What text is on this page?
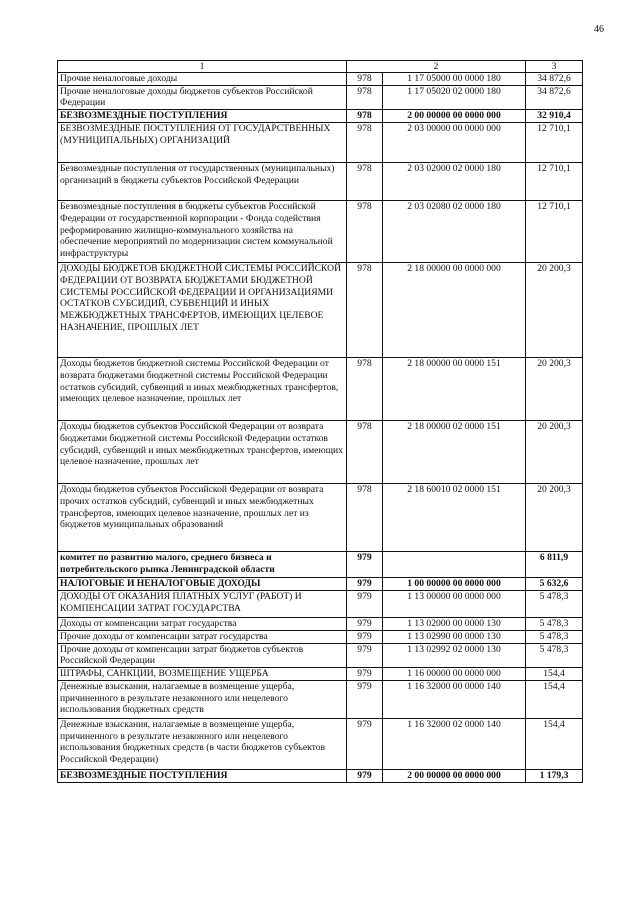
46
1	2		3
Прочие неналоговые доходы	978	1 17 05000 00 0000 180	34 872,6
Прочие неналоговые доходы бюджетов субъектов Российской Федерации	978	1 17 05020 02 0000 180	34 872,6
БЕЗВОЗМЕЗДНЫЕ ПОСТУПЛЕНИЯ	978	2 00 00000 00 0000 000	32 910,4
БЕЗВОЗМЕЗДНЫЕ ПОСТУПЛЕНИЯ ОТ ГОСУДАРСТВЕННЫХ (МУНИЦИПАЛЬНЫХ) ОРГАНИЗАЦИЙ	978	2 03 00000 00 0000 000	12 710,1
Безвозмездные поступления от государственных (муниципальных) организаций в бюджеты субъектов Российской Федерации	978	2 03 02000 02 0000 180	12 710,1
Безвозмездные поступления в бюджеты субъектов Российской Федерации от государственной корпорации - Фонда содействия реформированию жилищно-коммунального хозяйства на обеспечение мероприятий по модернизации систем коммунальной инфраструктуры	978	2 03 02080 02 0000 180	12 710,1
ДОХОДЫ БЮДЖЕТОВ БЮДЖЕТНОЙ СИСТЕМЫ РОССИЙСКОЙ ФЕДЕРАЦИИ ОТ ВОЗВРАТА БЮДЖЕТАМИ БЮДЖЕТНОЙ СИСТЕМЫ РОССИЙСКОЙ ФЕДЕРАЦИИ И ОРГАНИЗАЦИЯМИ ОСТАТКОВ СУБСИДИЙ, СУБВЕНЦИЙ И ИНЫХ МЕЖБЮДЖЕТНЫХ ТРАНСФЕРТОВ, ИМЕЮЩИХ ЦЕЛЕВОЕ НАЗНАЧЕНИЕ, ПРОШЛЫХ ЛЕТ	978	2 18 00000 00 0000 000	20 200,3
Доходы бюджетов бюджетной системы Российской Федерации от возврата бюджетами бюджетной системы Российской Федерации остатков субсидий, субвенций и иных межбюджетных трансфертов, имеющих целевое назначение, прошлых лет	978	2 18 00000 00 0000 151	20 200,3
Доходы бюджетов субъектов Российской Федерации от возврата бюджетами бюджетной системы Российской Федерации остатков субсидий, субвенций и иных межбюджетных трансфертов, имеющих целевое назначение, прошлых лет	978	2 18 00000 02 0000 151	20 200,3
Доходы бюджетов субъектов Российской Федерации от возврата прочих остатков субсидий, субвенций и иных межбюджетных трансфертов, имеющих целевое назначение, прошлых лет из бюджетов муниципальных образований	978	2 18 60010 02 0000 151	20 200,3
комитет по развитию малого, среднего бизнеса и потребительского рынка Ленинградской области	979		6 811,9
НАЛОГОВЫЕ И НЕНАЛОГОВЫЕ ДОХОДЫ	979	1 00 00000 00 0000 000	5 632,6
ДОХОДЫ ОТ ОКАЗАНИЯ ПЛАТНЫХ УСЛУГ (РАБОТ) И КОМПЕНСАЦИИ ЗАТРАТ ГОСУДАРСТВА	979	1 13 00000 00 0000 000	5 478,3
Доходы от компенсации затрат государства	979	1 13 02000 00 0000 130	5 478,3
Прочие доходы от компенсации затрат государства	979	1 13 02990 00 0000 130	5 478,3
Прочие доходы от компенсации затрат бюджетов субъектов Российской Федерации	979	1 13 02992 02 0000 130	5 478,3
ШТРАФЫ, САНКЦИИ, ВОЗМЕЩЕНИЕ УЩЕРБА	979	1 16 00000 00 0000 000	154,4
Денежные взыскания, налагаемые в возмещение ущерба, причиненного в результате незаконного или нецелевого использования бюджетных средств	979	1 16 32000 00 0000 140	154,4
Денежные взыскания, налагаемые в возмещение ущерба, причиненного в результате незаконного или нецелевого использования бюджетных средств (в части бюджетов субъектов Российской Федерации)	979	1 16 32000 02 0000 140	154,4
БЕЗВОЗМЕЗДНЫЕ ПОСТУПЛЕНИЯ	979	2 00 00000 00 0000 000	1 179,3
